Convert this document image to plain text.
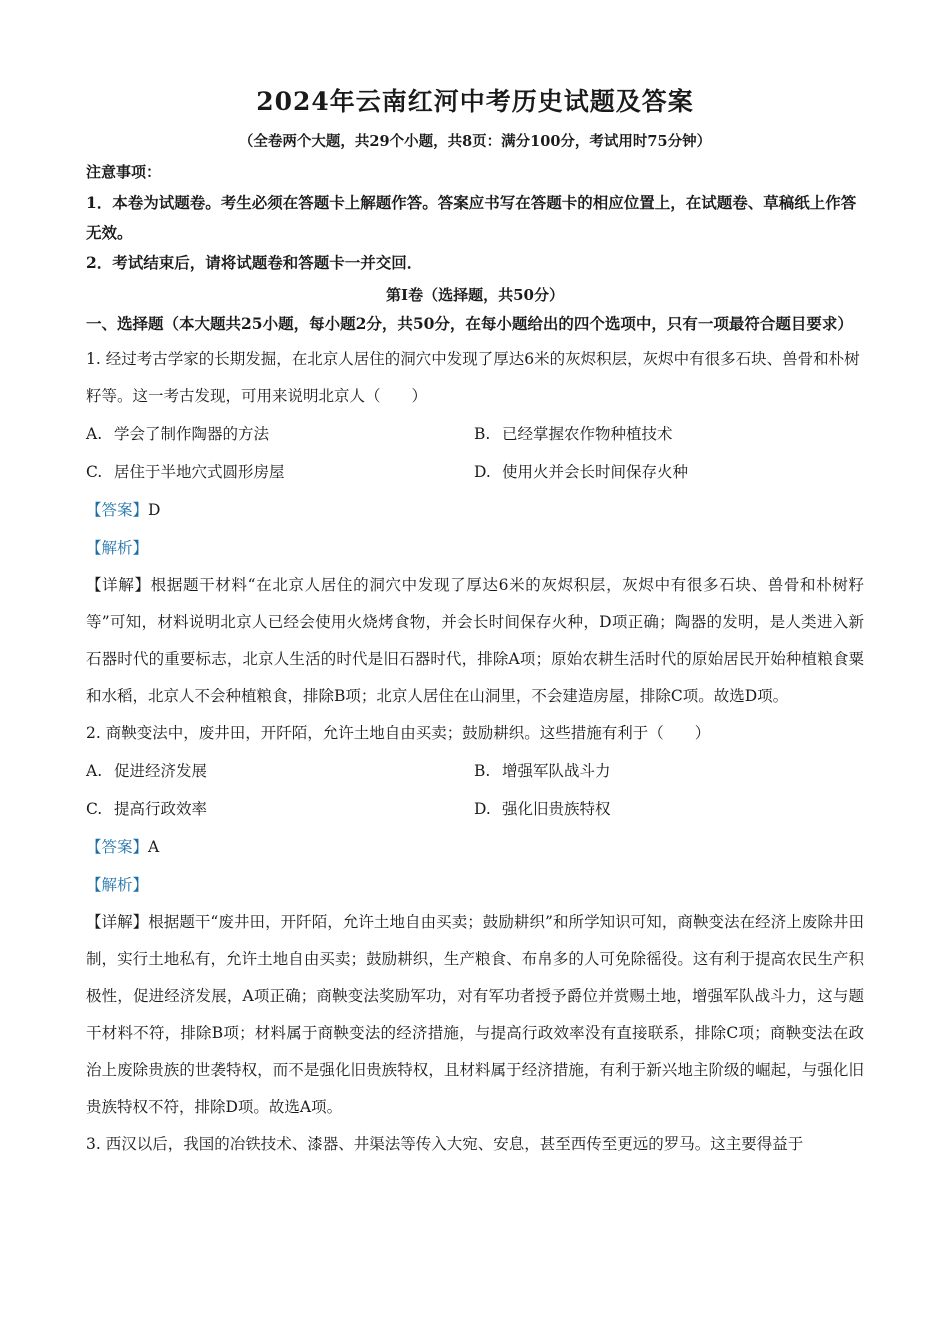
2024年云南红河中考历史试题及答案
（全卷两个大题，共29个小题，共8页：满分100分，考试用时75分钟）
注意事项：

1．本卷为试题卷。考生必须在答题卡上解题作答。答案应书写在答题卡的相应位置上，在试题卷、草稿纸上作答无效。

2．考试结束后，请将试题卷和答题卡一并交回．

第Ⅰ卷（选择题，共50分）

一、选择题（本大题共25小题，每小题2分，共50分，在每小题给出的四个选项中，只有一项最符合题目要求）

1. 经过考古学家的长期发掘，在北京人居住的洞穴中发现了厚达6米的灰烬积层，灰烬中有很多石块、兽骨和朴树籽等。这一考古发现，可用来说明北京人（　　）

A. 学会了制作陶器的方法	B. 已经掌握农作物种植技术
C. 居住于半地穴式圆形房屋	D. 使用火并会长时间保存火种

【答案】D

【解析】

【详解】根据题干材料“在北京人居住的洞穴中发现了厚达6米的灰烬积层，灰烬中有很多石块、兽骨和朴树籽等”可知，材料说明北京人已经会使用火烧烤食物，并会长时间保存火种，D项正确；陶器的发明，是人类进入新石器时代的重要标志，北京人生活的时代是旧石器时代，排除A项；原始农耕生活时代的原始居民开始种植粮食粟和水稻，北京人不会种植粮食，排除B项；北京人居住在山洞里，不会建造房屋，排除C项。故选D项。

2. 商鞅变法中，废井田，开阡陌，允许土地自由买卖；鼓励耕织。这些措施有利于（　　）

A. 促进经济发展	B. 增强军队战斗力
C. 提高行政效率	D. 强化旧贵族特权

【答案】A

【解析】

【详解】根据题干“废井田，开阡陌，允许土地自由买卖；鼓励耕织”和所学知识可知，商鞅变法在经济上废除井田制，实行土地私有，允许土地自由买卖；鼓励耕织，生产粮食、布帛多的人可免除徭役。这有利于提高农民生产积极性，促进经济发展，A项正确；商鞅变法奖励军功，对有军功者授予爵位并赏赐土地，增强军队战斗力，这与题干材料不符，排除B项；材料属于商鞅变法的经济措施，与提高行政效率没有直接联系，排除C项；商鞅变法在政治上废除贵族的世袭特权，而不是强化旧贵族特权，且材料属于经济措施，有利于新兴地主阶级的崛起，与强化旧贵族特权不符，排除D项。故选A项。

3. 西汉以后，我国的冶铁技术、漆器、井渠法等传入大宛、安息，甚至西传至更远的罗马。这主要得益于
